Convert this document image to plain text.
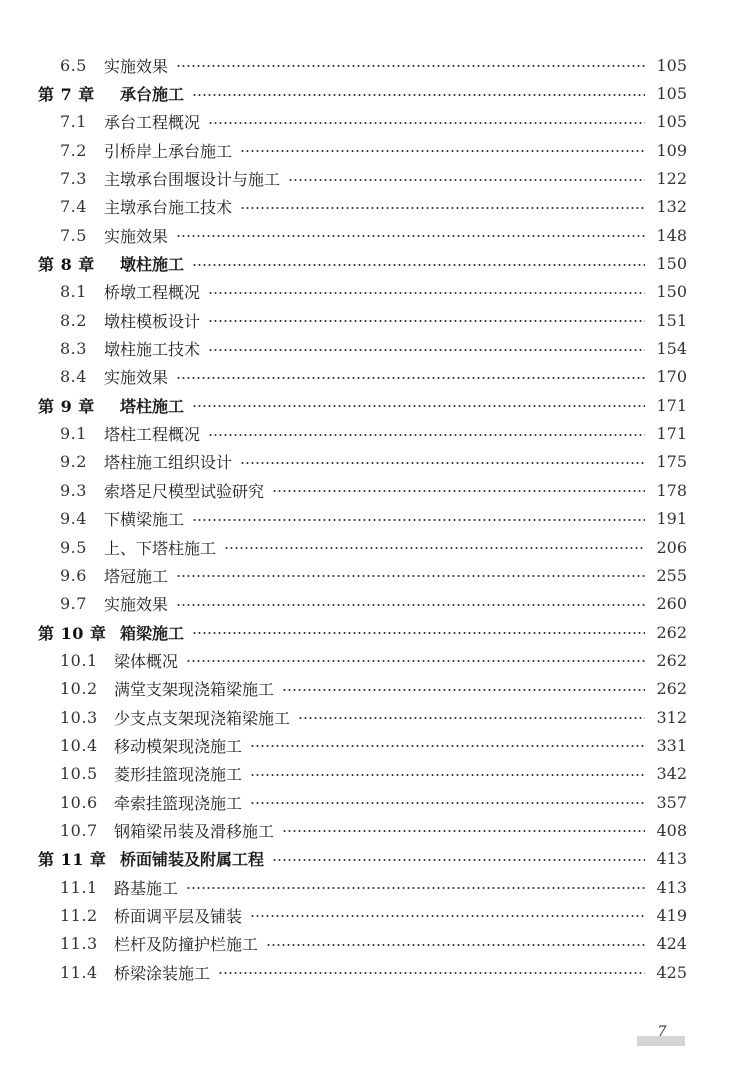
6.5	实施效果	105
第 7 章	承台施工	105
7.1	承台工程概况	105
7.2	引桥岸上承台施工	109
7.3	主墩承台围堰设计与施工	122
7.4	主墩承台施工技术	132
7.5	实施效果	148
第 8 章	墩柱施工	150
8.1	桥墩工程概况	150
8.2	墩柱模板设计	151
8.3	墩柱施工技术	154
8.4	实施效果	170
第 9 章	塔柱施工	171
9.1	塔柱工程概况	171
9.2	塔柱施工组织设计	175
9.3	索塔足尺模型试验研究	178
9.4	下横梁施工	191
9.5	上、下塔柱施工	206
9.6	塔冠施工	255
9.7	实施效果	260
第 10 章 箱梁施工	262
10.1	梁体概况	262
10.2	满堂支架现浇箱梁施工	262
10.3	少支点支架现浇箱梁施工	312
10.4	移动模架现浇施工	331
10.5	菱形挂篮现浇施工	342
10.6	牵索挂篮现浇施工	357
10.7	钢箱梁吊装及滑移施工	408
第 11 章 桥面铺装及附属工程	413
11.1	路基施工	413
11.2	桥面调平层及铺装	419
11.3	栏杆及防撞护栏施工	424
11.4	桥梁涂装施工	425
7
